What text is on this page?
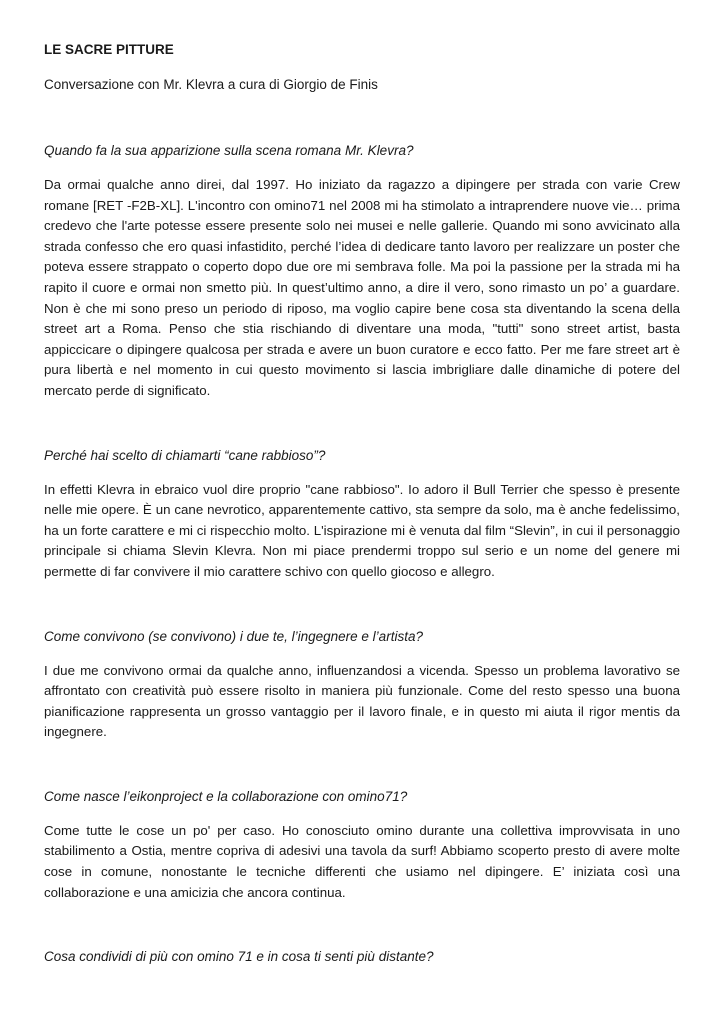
LE SACRE PITTURE

Conversazione con Mr. Klevra a cura di Giorgio de Finis

Quando fa la sua apparizione sulla scena romana Mr. Klevra?

Da ormai qualche anno direi, dal 1997. Ho iniziato da ragazzo a dipingere per strada con varie Crew romane [RET -F2B-XL]. L'incontro con omino71 nel 2008 mi ha stimolato a intraprendere nuove vie… prima credevo che l'arte potesse essere presente solo nei musei e nelle gallerie. Quando mi sono avvicinato alla strada confesso che ero quasi infastidito, perché l’idea di dedicare tanto lavoro per realizzare un poster che poteva essere strappato o coperto dopo due ore mi sembrava folle. Ma poi la passione per la strada mi ha rapito il cuore e ormai non smetto più. In quest’ultimo anno, a dire il vero, sono rimasto un po’ a guardare. Non è che mi sono preso un periodo di riposo, ma voglio capire bene cosa sta diventando la scena della street art a Roma. Penso che stia rischiando di diventare una moda, "tutti" sono street artist, basta appiccicare o dipingere qualcosa per strada e avere un buon curatore e ecco fatto. Per me fare street art è pura libertà e nel momento in cui questo movimento si lascia imbrigliare dalle dinamiche di potere del mercato perde di significato.

Perché hai scelto di chiamarti “cane rabbioso”?

In effetti Klevra in ebraico vuol dire proprio "cane rabbioso". Io adoro il Bull Terrier che spesso è presente nelle mie opere. È un cane nevrotico, apparentemente cattivo, sta sempre da solo, ma è anche fedelissimo, ha un forte carattere e mi ci rispecchio molto. L'ispirazione mi è venuta dal film “Slevin”, in cui il personaggio principale si chiama Slevin Klevra. Non mi piace prendermi troppo sul serio e un nome del genere mi permette di far convivere il mio carattere schivo con quello giocoso e allegro.

Come convivono (se convivono) i due te, l’ingegnere e l’artista?

I due me convivono ormai da qualche anno, influenzandosi a vicenda. Spesso un problema lavorativo se affrontato con creatività può essere risolto in maniera più funzionale. Come del resto spesso una buona pianificazione rappresenta un grosso vantaggio per il lavoro finale, e in questo mi aiuta il rigor mentis da ingegnere.

Come nasce l’eikonproject e la collaborazione con omino71?

Come tutte le cose un po' per caso. Ho conosciuto omino durante una collettiva improvvisata in uno stabilimento a Ostia, mentre copriva di adesivi una tavola da surf! Abbiamo scoperto presto di avere molte cose in comune, nonostante le tecniche differenti che usiamo nel dipingere. E’ iniziata così una collaborazione e una amicizia che ancora continua.

Cosa condividi di più con omino 71 e in cosa ti senti più distante?
